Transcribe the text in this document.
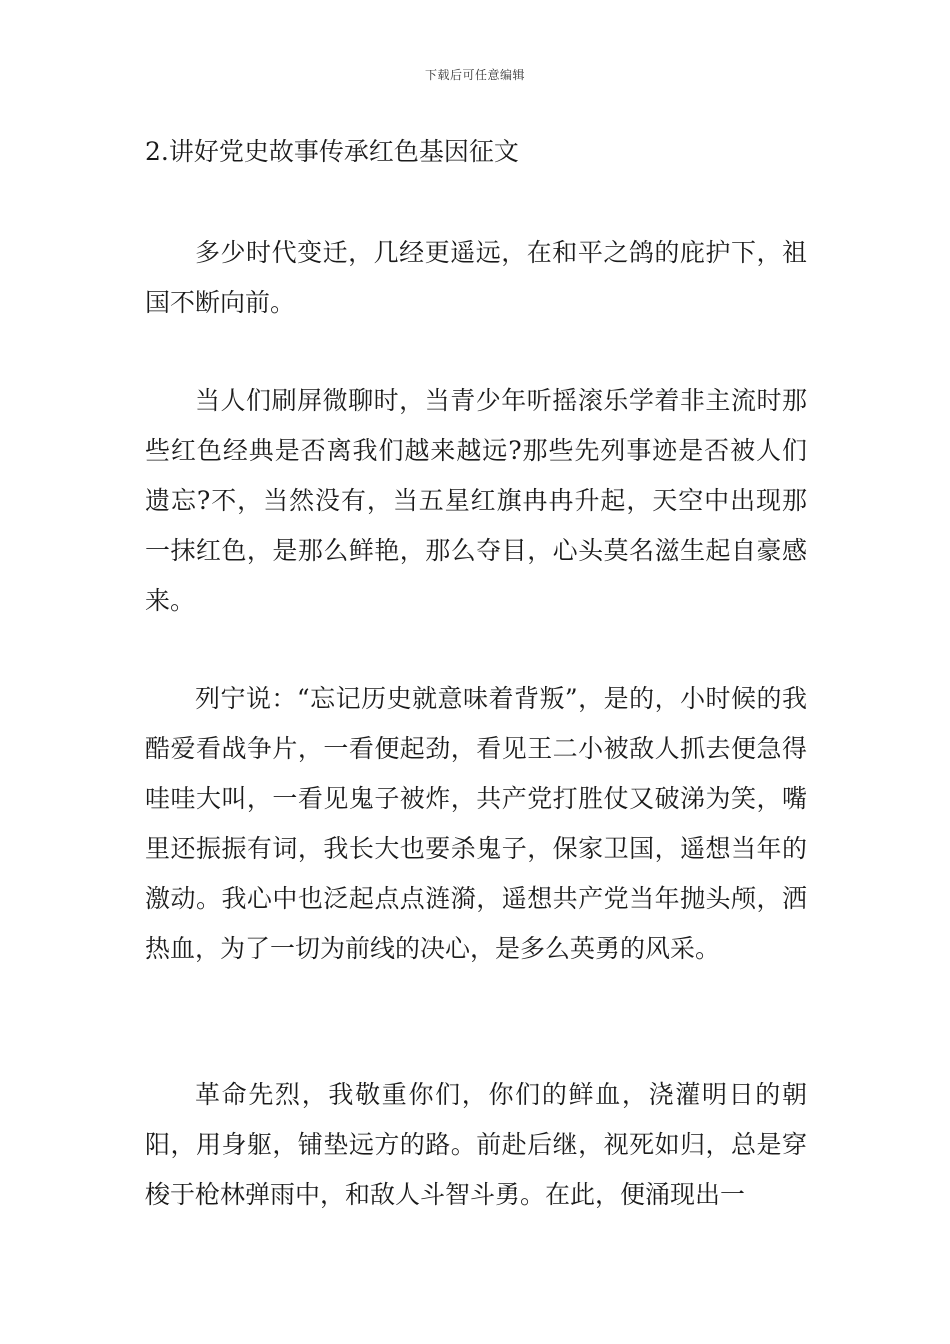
下载后可任意编辑
2.讲好党史故事传承红色基因征文

多少时代变迁，几经更遥远，在和平之鸽的庇护下，祖国不断向前。

当人们刷屏微聊时，当青少年听摇滚乐学着非主流时那些红色经典是否离我们越来越远?那些先列事迹是否被人们遗忘?不，当然没有，当五星红旗冉冉升起，天空中出现那一抹红色，是那么鲜艳，那么夺目，心头莫名滋生起自豪感来。

列宁说：“忘记历史就意味着背叛”，是的，小时候的我酷爱看战争片，一看便起劲，看见王二小被敌人抓去便急得哇哇大叫，一看见鬼子被炸，共产党打胜仗又破涕为笑，嘴里还振振有词，我长大也要杀鬼子，保家卫国，遥想当年的激动。我心中也泛起点点涟漪，遥想共产党当年抛头颅，洒热血，为了一切为前线的决心，是多么英勇的风采。

革命先烈，我敬重你们，你们的鲜血，浇灌明日的朝阳，用身躯，铺垫远方的路。前赴后继，视死如归，总是穿梭于枪林弹雨中，和敌人斗智斗勇。在此，便涌现出一
